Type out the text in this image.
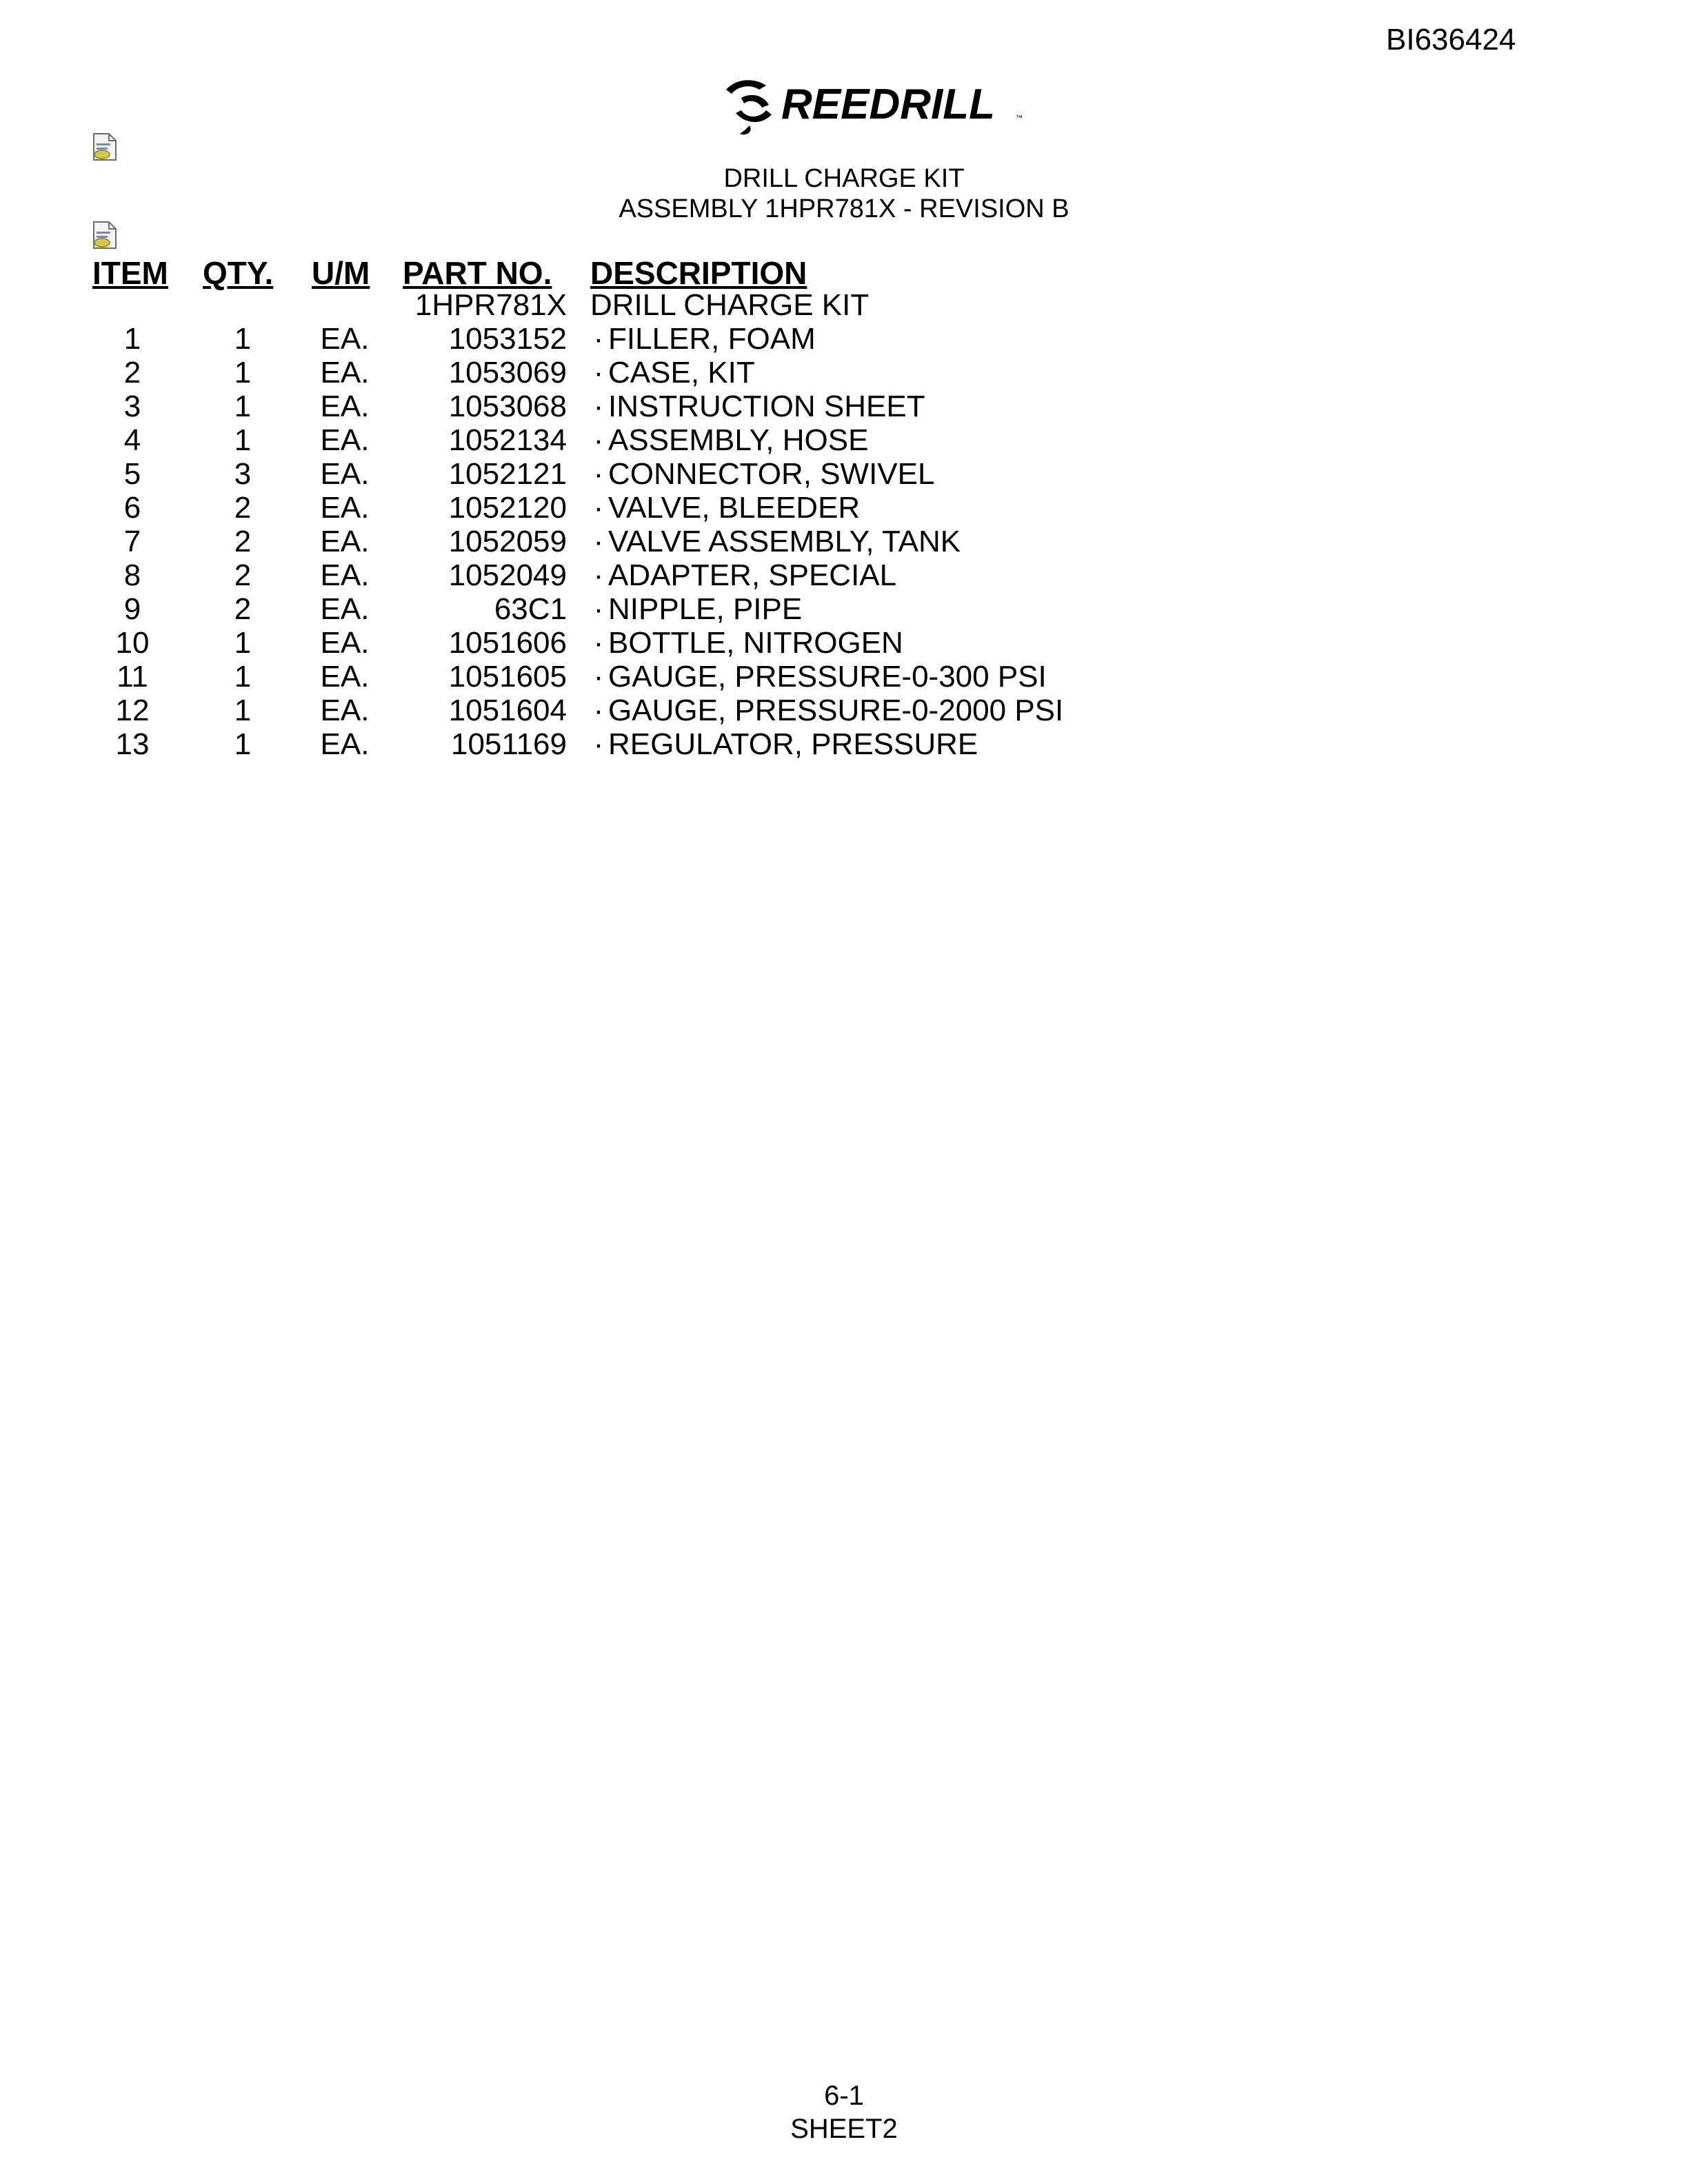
BI636424
REEDRILL	™
DRILL CHARGE KIT
ASSEMBLY 1HPR781X - REVISION B
ITEM QTY. U/M PART NO. DESCRIPTION
1HPR781X DRILL CHARGE KIT
1	1	EA.	1053152 · FILLER, FOAM
2	1	EA.	1053069 · CASE, KIT
3	1	EA.	1053068 · INSTRUCTION SHEET
4	1	EA.	1052134 · ASSEMBLY, HOSE
5	3	EA.	1052121 · CONNECTOR, SWIVEL
6	2	EA.	1052120 · VALVE, BLEEDER
7	2	EA.	1052059 · VALVE ASSEMBLY, TANK
8	2	EA.	1052049 · ADAPTER, SPECIAL
9	2	EA.	63C1 · NIPPLE, PIPE
10	1	EA.	1051606 · BOTTLE, NITROGEN
11	1	EA.	1051605 · GAUGE, PRESSURE-0-300 PSI
12	1	EA.	1051604 · GAUGE, PRESSURE-0-2000 PSI
13	1	EA.	1051169 · REGULATOR, PRESSURE
6-1
SHEET2
